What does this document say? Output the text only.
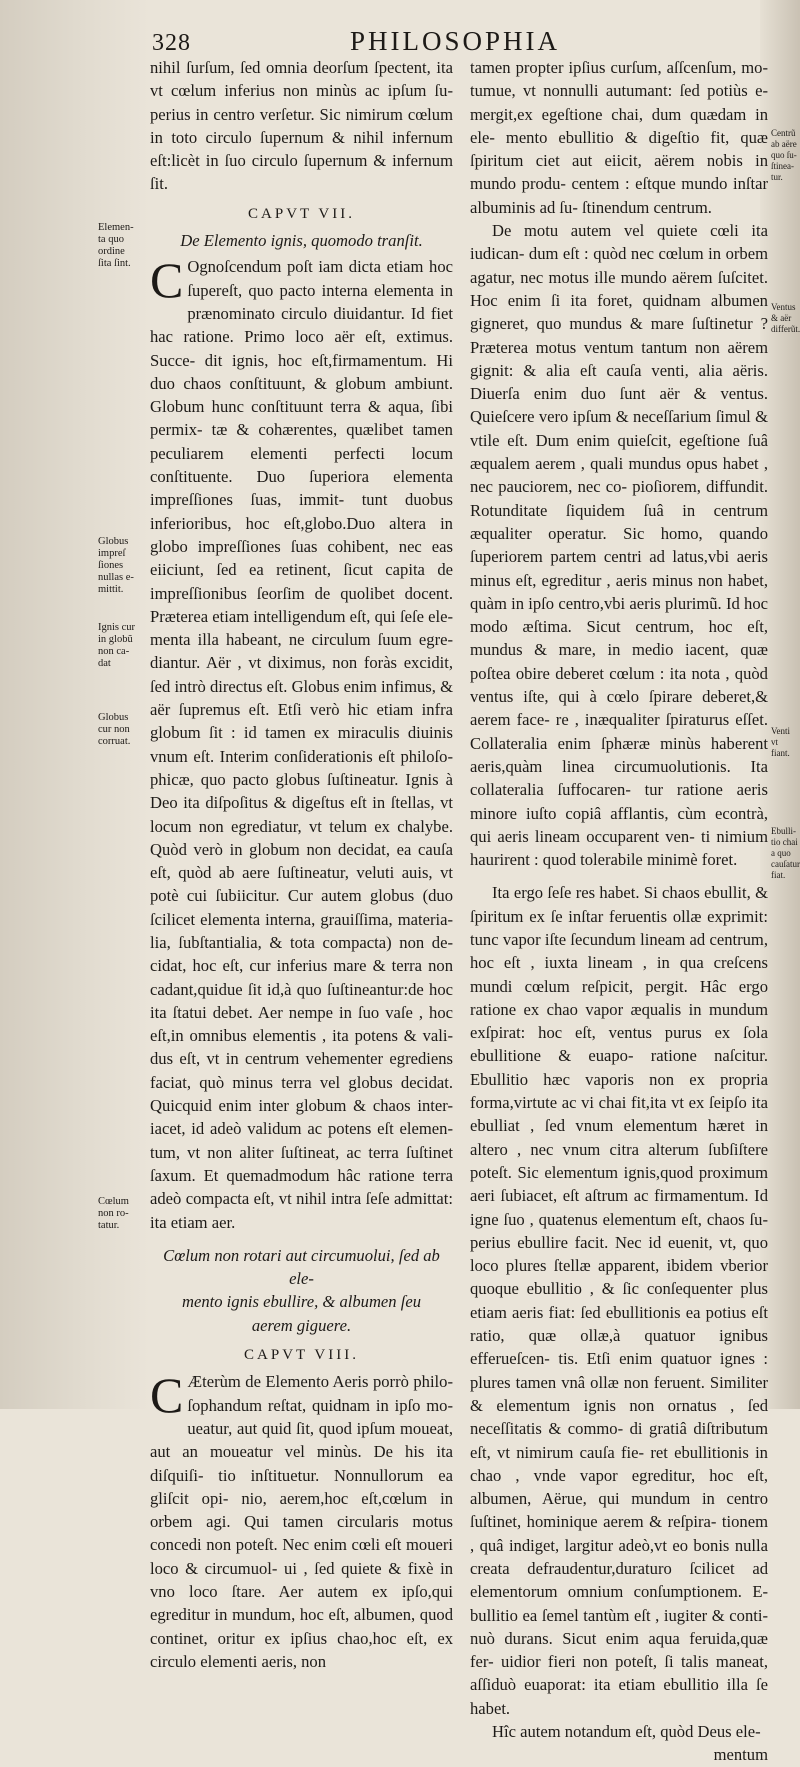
328	PHILOSOPHIA

nihil ſurſum, ſed omnia deorſum ſpectent, ita vt cœlum inferius non minùs ac ipſum ſu- perius in centro verſetur. Sic nimirum cœlum in toto circulo ſupernum & nihil infernum eſt:licèt in ſuo circulo ſupernum & infernum ſit.

CAPVT VII.
De Elemento ignis, quomodo tranſit.

C Ognoſcendum poſt iam dicta etiam hoc ſupereſt, quo pacto interna elementa in prænominato circulo diuidantur. Id fiet hac ratione. Primo loco aër eſt, extimus. Succe- dit ignis, hoc eſt,firmamentum. Hi duo chaos conſtituunt, & globum ambiunt. Globum hunc conſtituunt terra & aqua, ſibi permix- tæ & cohærentes, quælibet tamen peculiarem elementi perfecti locum conſtituente. Duo ſuperiora elementa impreſſiones ſuas, immit- tunt duobus inferioribus, hoc eſt,globo.Duo altera in globo impreſſiones ſuas cohibent, nec eas eiiciunt, ſed ea retinent, ſicut capita de impreſſionibus ſeorſim de quolibet docent. Præterea etiam intelligendum eſt, qui ſeſe ele- menta illa habeant, ne circulum ſuum egre- diantur. Aër , vt diximus, non foràs excidit, ſed intrò directus eſt. Globus enim infimus, & aër ſupremus eſt. Etſi verò hic etiam infra globum ſit : id tamen ex miraculis diuinis vnum eſt. Interim conſiderationis eſt philoſo- phicæ, quo pacto globus ſuſtineatur. Ignis à Deo ita diſpoſitus & digeſtus eſt in ſtellas, vt locum non egrediatur, vt telum ex chalybe. Quòd verò in globum non decidat, ea cauſa eſt, quòd ab aere ſuſtineatur, veluti auis, vt potè cui ſubiicitur. Cur autem globus (duo ſcilicet elementa interna, grauiſſima, materia- lia, ſubſtantialia, & tota compacta) non de- cidat, hoc eſt, cur inferius mare & terra non cadant,quidue ſit id,à quo ſuſtineantur:de hoc ita ſtatui debet. Aer nempe in ſuo vaſe , hoc eſt,in omnibus elementis , ita potens & vali- dus eſt, vt in centrum vehementer egrediens faciat, quò minus terra vel globus decidat. Quicquid enim inter globum & chaos inter- iacet, id adeò validum ac potens eſt elemen- tum, vt non aliter ſuſtineat, ac terra ſuſtinet ſaxum. Et quemadmodum hâc ratione terra adeò compacta eſt, vt nihil intra ſeſe admittat: ita etiam aer.

Cœlum non rotari aut circumuolui, ſed ab ele-
mento ignis ebullire, & albumen ſeu
aerem giguere.
CAPVT VIII.

C Æterùm de Elemento Aeris porrò philo- ſophandum reſtat, quidnam in ipſo mo- ueatur, aut quid ſit, quod ipſum moueat, aut an moueatur vel minùs. De his ita diſquiſi- tio inſtituetur. Nonnullorum ea gliſcit opi- nio, aerem,hoc eſt,cœlum in orbem agi. Qui tamen circularis motus concedi non poteſt. Nec enim cœli eſt moueri loco & circumuol- ui , ſed quiete & fixè in vno loco ſtare. Aer autem ex ipſo,qui egreditur in mundum, hoc eſt, albumen, quod continet, oritur ex ipſius chao,hoc eſt, ex circulo elementi aeris, non

tamen propter ipſius curſum, aſſcenſum, mo- tumue, vt nonnulli autumant: ſed potiùs e- mergit,ex egeſtione chai, dum quædam in ele- mento ebullitio & digeſtio fit, quæ ſpiritum ciet aut eiicit, aërem nobis in mundo produ- centem : eſtque mundo inſtar albuminis ad ſu- ſtinendum centrum.

De motu autem vel quiete cœli ita iudican- dum eſt : quòd nec cœlum in orbem agatur, nec motus ille mundo aërem ſuſcitet. Hoc enim ſi ita foret, quidnam albumen gigneret, quo mundus & mare ſuſtinetur ? Præterea motus ventum tantum non aërem gignit: & alia eſt cauſa venti, alia aëris. Diuerſa enim duo ſunt aër & ventus. Quieſcere vero ipſum & neceſſarium ſimul & vtile eſt. Dum enim quieſcit, egeſtione ſuâ æqualem aerem , quali mundus opus habet , nec pauciorem, nec co- pioſiorem, diffundit. Rotunditate ſiquidem ſuâ in centrum æqualiter operatur. Sic homo, quando ſuperiorem partem centri ad latus,vbi aeris minus eſt, egreditur , aeris minus non habet, quàm in ipſo centro,vbi aeris plurimũ. Id hoc modo æſtima. Sicut centrum, hoc eſt, mundus & mare, in medio iacent, quæ poſtea obire deberet cœlum : ita nota , quòd ventus iſte, qui à cœlo ſpirare deberet,& aerem face- re , inæqualiter ſpiraturus eſſet. Collateralia enim ſphæræ minùs haberent aeris,quàm linea circumuolutionis. Ita collateralia ſuffocaren- tur ratione aeris minore iuſto copiâ afflantis, cùm econtrà, qui aeris lineam occuparent ven- ti nimium haurirent : quod tolerabile minimè foret.

Ita ergo ſeſe res habet. Si chaos ebullit, & ſpiritum ex ſe inſtar feruentis ollæ exprimit: tunc vapor iſte ſecundum lineam ad centrum, hoc eſt , iuxta lineam , in qua creſcens mundi cœlum reſpicit, pergit. Hâc ergo ratione ex chao vapor æqualis in mundum exſpirat: hoc eſt, ventus purus ex ſola ebullitione & euapo- ratione naſcitur. Ebullitio hæc vaporis non ex propria forma,virtute ac vi chai fit,ita vt ex ſeipſo ita ebulliat , ſed vnum elementum hæret in altero , nec vnum citra alterum ſubſiſtere poteſt. Sic elementum ignis,quod proximum aeri ſubiacet, eſt aſtrum ac firmamentum. Id igne ſuo , quatenus elementum eſt, chaos ſu- perius ebullire facit. Nec id euenit, vt, quo loco plures ſtellæ apparent, ibidem vberior quoque ebullitio , & ſic conſequenter plus etiam aeris fiat: ſed ebullitionis ea potius eſt ratio, quæ ollæ,à quatuor ignibus efferueſcen- tis. Etſi enim quatuor ignes : plures tamen vnâ ollæ non feruent. Similiter & elementum ignis non ornatus , ſed neceſſitatis & commo- di gratiâ diſtributum eſt, vt nimirum cauſa fie- ret ebullitionis in chao , vnde vapor egreditur, hoc eſt, albumen, Aërue, qui mundum in centro ſuſtinet, hominique aerem & reſpira- tionem , quâ indiget, largitur adeò,vt eo bonis nulla creata defraudentur,duraturo ſcilicet ad elementorum omnium conſumptionem. E- bullitio ea ſemel tantùm eſt , iugiter & conti- nuò durans. Sicut enim aqua feruida,quæ fer- uidior fieri non poteſt, ſi talis maneat, aſſiduò euaporat: ita etiam ebullitio illa ſe habet.

Hîc autem notandum eſt, quòd Deus ele-

mentum

Elemen-
ta quo
ordine
ſita ſint.
Globus
impreſ
ſiones
nullas e-
mittit.
Ignis cur
in globũ
non ca-
dat
Globus
cur non
corruat.
Cœlum
non ro-
tatur.
Centrũ
ab aëre
quo ſu-
ſtinea-
tur.
Ventus
& aër
differũt.
Venti vt
fiant.
Ebulli-
tio chai
a quo
cauſatur
fiat.
